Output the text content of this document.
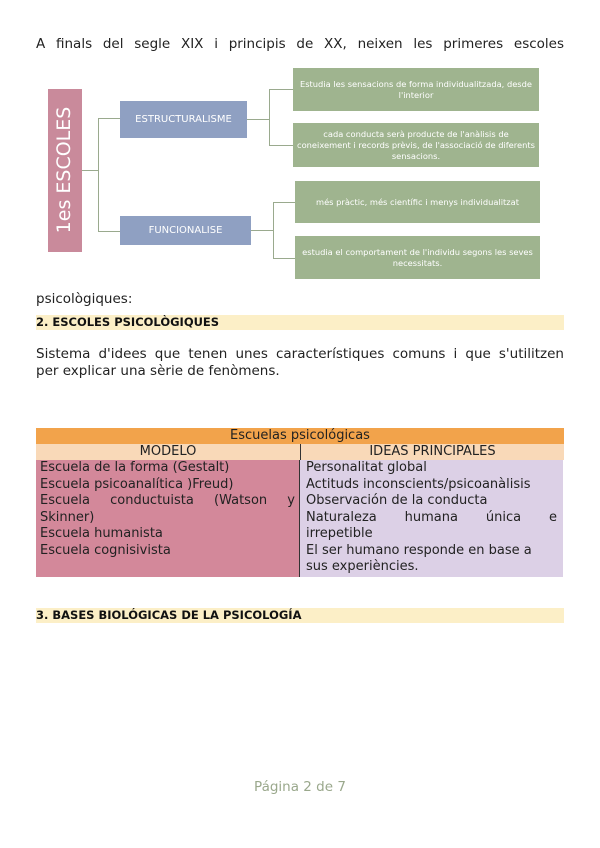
A finals del segle XIX i principis de XX, neixen les primeres escoles
1es ESCOLES	ESTRUCTURALISME
Estudia les sensacions de forma individualitzada, desde l'interior
cada conducta serà producte de l'anàlisis de coneixement i records prèvis, de l'associació de diferents sensacions.
FUNCIONALISE
més pràctic, més científic i menys individualitzat
estudia el comportament de l'individu segons les seves necessitats.
psicològiques:
2. ESCOLES PSICOLÒGIQUES
Sistema d'idees que tenen unes característiques comuns i que s'utilitzen
per explicar una sèrie de fenòmens.
Escuelas psicológicas
MODELO	IDEAS PRINCIPALES
Escuela de la forma (Gestalt)
Escuela psicoanalítica )Freud)
Escuela conductuista (Watson y
Skinner)
Escuela humanista
Escuela cognisivista
Personalitat global
Actituds inconscients/psicoanàlisis
Observación de la conducta
Naturaleza humana única e
irrepetible
El ser humano responde en base a
sus experiències.
3. BASES BIOLÓGICAS DE LA PSICOLOGÍA
Página 2 de 7
